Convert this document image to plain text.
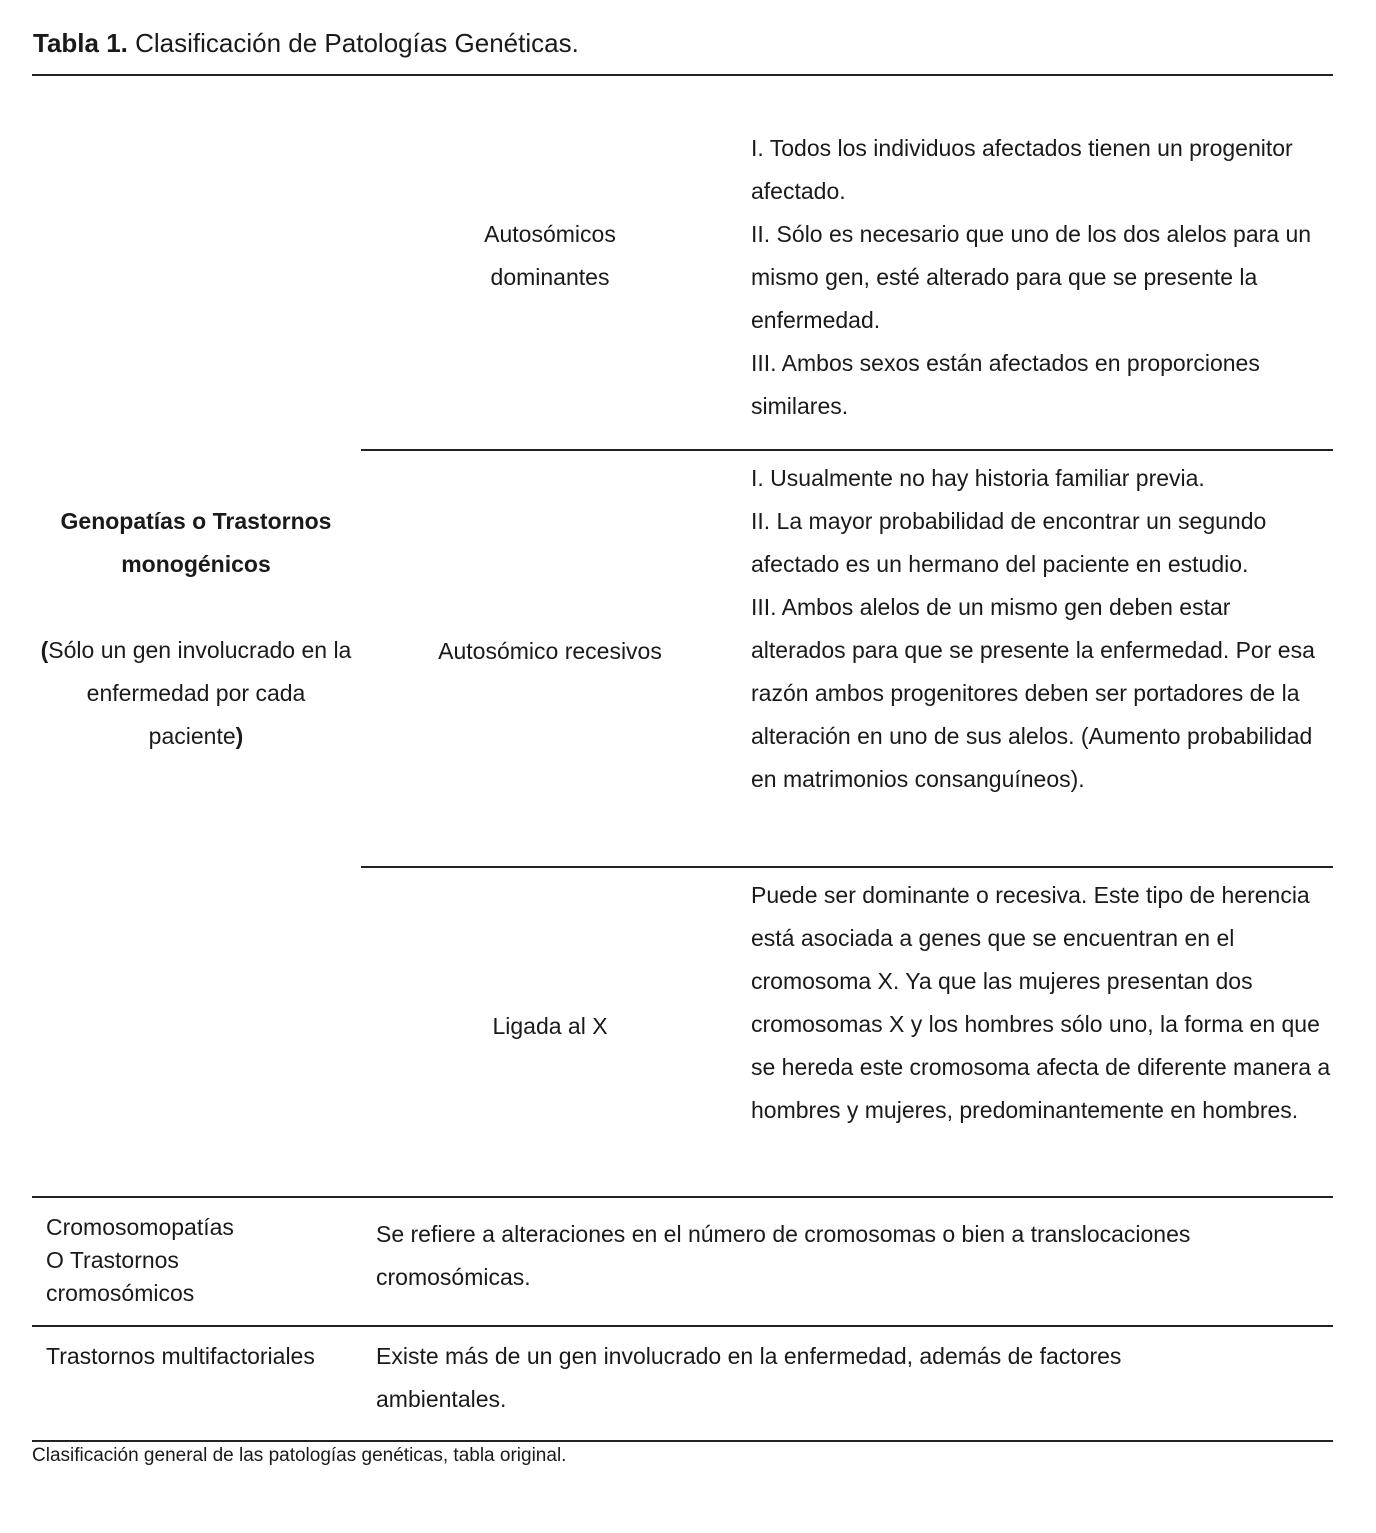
Tabla 1. Clasificación de Patologías Genéticas.
Genopatías o Trastornos monogénicos
(Sólo un gen involucrado en la enfermedad por cada paciente)
Autosómicos dominantes
I. Todos los individuos afectados tienen un progenitor afectado.
II. Sólo es necesario que uno de los dos alelos para un mismo gen, esté alterado para que se presente la enfermedad.
III. Ambos sexos están afectados en proporciones similares.
Autosómico recesivos
I. Usualmente no hay historia familiar previa.
II. La mayor probabilidad de encontrar un segundo afectado es un hermano del paciente en estudio.
III. Ambos alelos de un mismo gen deben estar alterados para que se presente la enfermedad. Por esa razón ambos progenitores deben ser portadores de la alteración en uno de sus alelos. (Aumento probabilidad en matrimonios consanguíneos).
Ligada al X
Puede ser dominante o recesiva. Este tipo de herencia está asociada a genes que se encuentran en el cromosoma X. Ya que las mujeres presentan dos cromosomas X y los hombres sólo uno, la forma en que se hereda este cromosoma afecta de diferente manera a hombres y mujeres, predominantemente en hombres.
Cromosomopatías
O Trastornos
cromosómicos
Se refiere a alteraciones en el número de cromosomas o bien a translocaciones cromosómicas.
Trastornos multifactoriales	Existe más de un gen involucrado en la enfermedad, además de factores ambientales.
Clasificación general de las patologías genéticas, tabla original.
